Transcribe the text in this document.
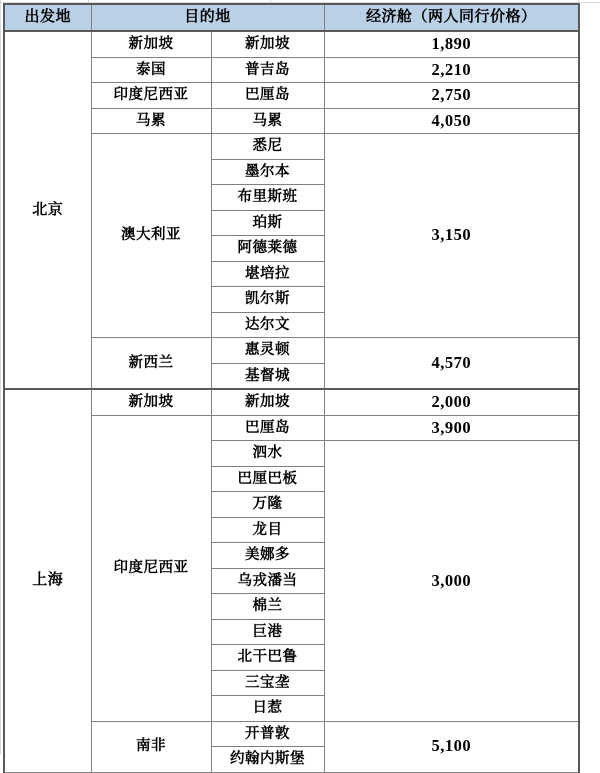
出发地	目的地		经济舱（两人同行价格）
北京	新加坡	新加坡	1,890
	泰国	普吉岛	2,210
	印度尼西亚	巴厘岛	2,750
	马累	马累	4,050
	澳大利亚	悉尼	3,150
		墨尔本	
		布里斯班	
		珀斯	
		阿德莱德	
		堪培拉	
		凯尔斯	
		达尔文	
	新西兰	惠灵顿	4,570
		基督城	
上海	新加坡	新加坡	2,000
	印度尼西亚	巴厘岛	3,900
		泗水	3,000
		巴厘巴板	
		万隆	
		龙目	
		美娜多	
		乌戎潘当	
		棉兰	
		巨港	
		北干巴鲁	
		三宝垄	
		日惹	
	南非	开普敦	5,100
		约翰内斯堡	
